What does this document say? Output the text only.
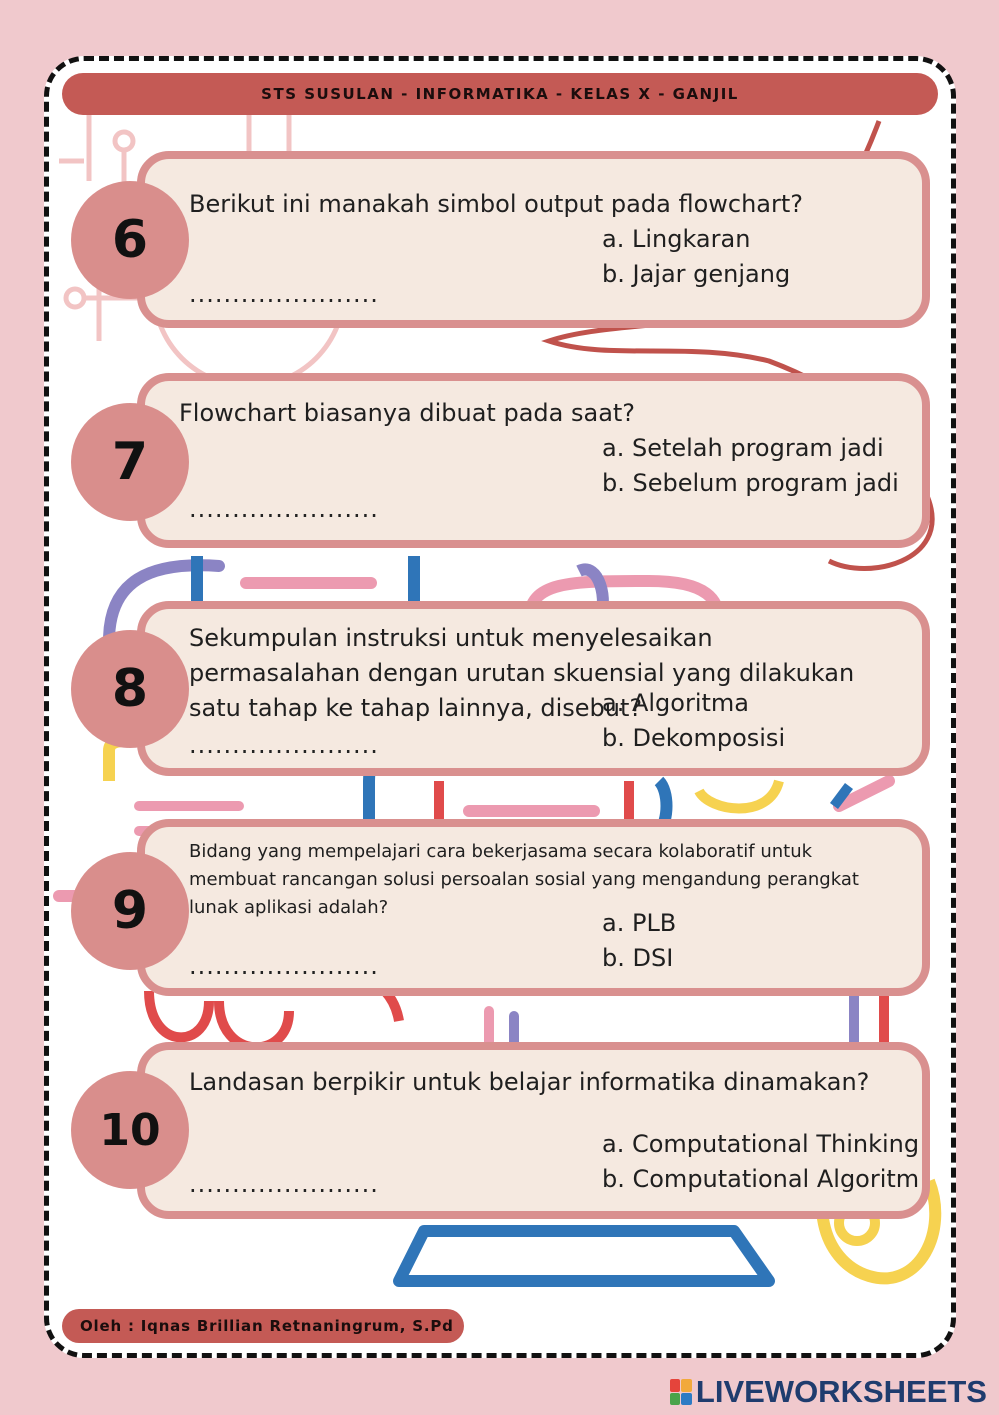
STS SUSULAN - INFORMATIKA - KELAS X - GANJIL
6
Berikut ini manakah simbol output pada flowchart?
a. Lingkaran
b. Jajar genjang
......................
7
Flowchart biasanya dibuat pada saat?
a. Setelah program jadi
b. Sebelum program jadi
......................
8
Sekumpulan instruksi untuk menyelesaikan permasalahan dengan urutan skuensial yang dilakukan satu tahap ke tahap lainnya, disebut?
a. Algoritma
b. Dekomposisi
......................
9
Bidang yang mempelajari cara bekerjasama secara kolaboratif untuk membuat rancangan solusi persoalan sosial yang mengandung perangkat lunak aplikasi adalah?
a. PLB
b. DSI
......................
10
Landasan berpikir untuk belajar informatika dinamakan?
a. Computational Thinking
b. Computational Algoritm
......................
Oleh : Iqnas Brillian Retnaningrum, S.Pd
LIVEWORKSHEETS
